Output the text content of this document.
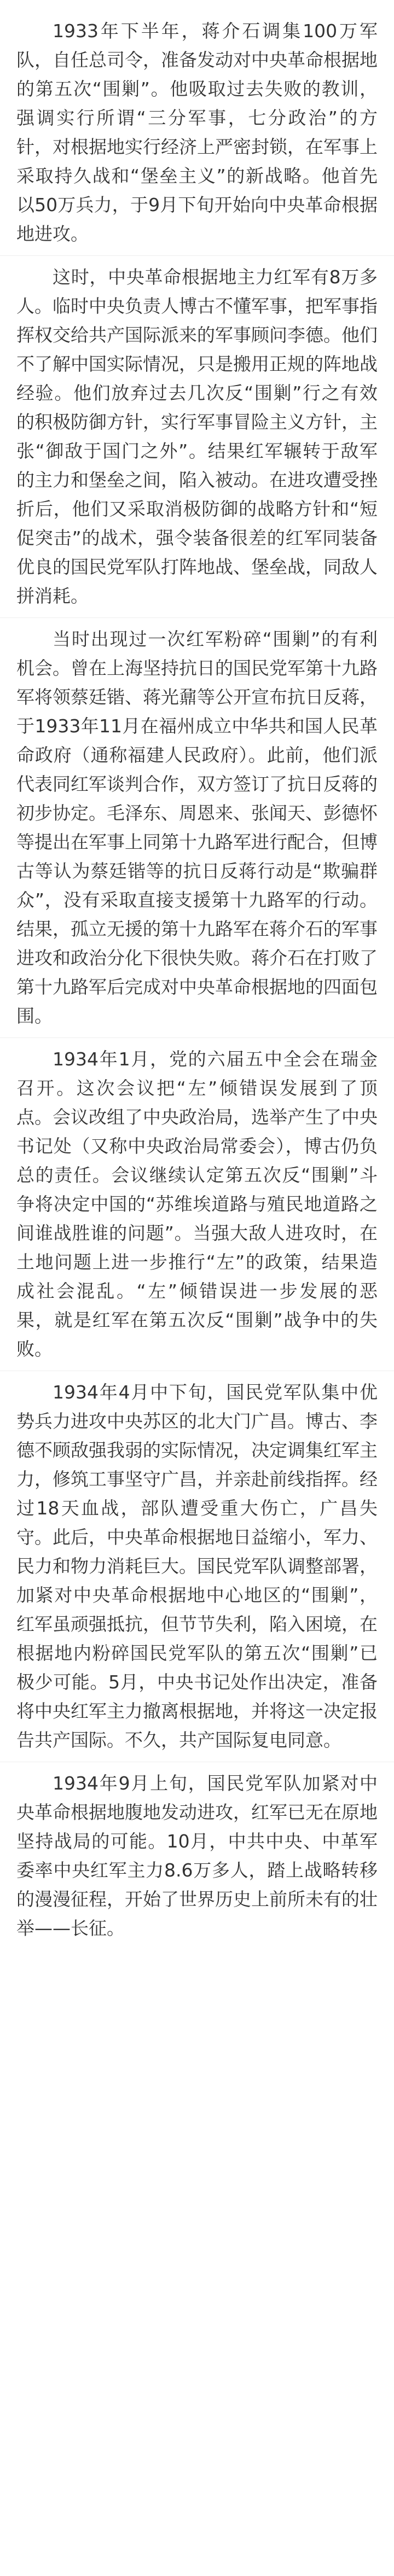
1933年下半年，蒋介石调集100万军队，自任总司令，准备发动对中央革命根据地的第五次“围剿”。他吸取过去失败的教训，强调实行所谓“三分军事，七分政治”的方针，对根据地实行经济上严密封锁，在军事上采取持久战和“堡垒主义”的新战略。他首先以50万兵力，于9月下旬开始向中央革命根据地进攻。

这时，中央革命根据地主力红军有8万多人。临时中央负责人博古不懂军事，把军事指挥权交给共产国际派来的军事顾问李德。他们不了解中国实际情况，只是搬用正规的阵地战经验。他们放弃过去几次反“围剿”行之有效的积极防御方针，实行军事冒险主义方针，主张“御敌于国门之外”。结果红军辗转于敌军的主力和堡垒之间，陷入被动。在进攻遭受挫折后，他们又采取消极防御的战略方针和“短促突击”的战术，强令装备很差的红军同装备优良的国民党军队打阵地战、堡垒战，同敌人拼消耗。

当时出现过一次红军粉碎“围剿”的有利机会。曾在上海坚持抗日的国民党军第十九路军将领蔡廷锴、蒋光鼐等公开宣布抗日反蒋，于1933年11月在福州成立中华共和国人民革命政府（通称福建人民政府）。此前，他们派代表同红军谈判合作，双方签订了抗日反蒋的初步协定。毛泽东、周恩来、张闻天、彭德怀等提出在军事上同第十九路军进行配合，但博古等认为蔡廷锴等的抗日反蒋行动是“欺骗群众”，没有采取直接支援第十九路军的行动。结果，孤立无援的第十九路军在蒋介石的军事进攻和政治分化下很快失败。蒋介石在打败了第十九路军后完成对中央革命根据地的四面包围。

1934年1月，党的六届五中全会在瑞金召开。这次会议把“左”倾错误发展到了顶点。会议改组了中央政治局，选举产生了中央书记处（又称中央政治局常委会），博古仍负总的责任。会议继续认定第五次反“围剿”斗争将决定中国的“苏维埃道路与殖民地道路之间谁战胜谁的问题”。当强大敌人进攻时，在土地问题上进一步推行“左”的政策，结果造成社会混乱。“左”倾错误进一步发展的恶果，就是红军在第五次反“围剿”战争中的失败。

1934年4月中下旬，国民党军队集中优势兵力进攻中央苏区的北大门广昌。博古、李德不顾敌强我弱的实际情况，决定调集红军主力，修筑工事坚守广昌，并亲赴前线指挥。经过18天血战，部队遭受重大伤亡，广昌失守。此后，中央革命根据地日益缩小，军力、民力和物力消耗巨大。国民党军队调整部署，加紧对中央革命根据地中心地区的“围剿”，红军虽顽强抵抗，但节节失利，陷入困境，在根据地内粉碎国民党军队的第五次“围剿”已极少可能。5月，中央书记处作出决定，准备将中央红军主力撤离根据地，并将这一决定报告共产国际。不久，共产国际复电同意。

1934年9月上旬，国民党军队加紧对中央革命根据地腹地发动进攻，红军已无在原地坚持战局的可能。10月，中共中央、中革军委率中央红军主力8.6万多人，踏上战略转移的漫漫征程，开始了世界历史上前所未有的壮举——长征。
